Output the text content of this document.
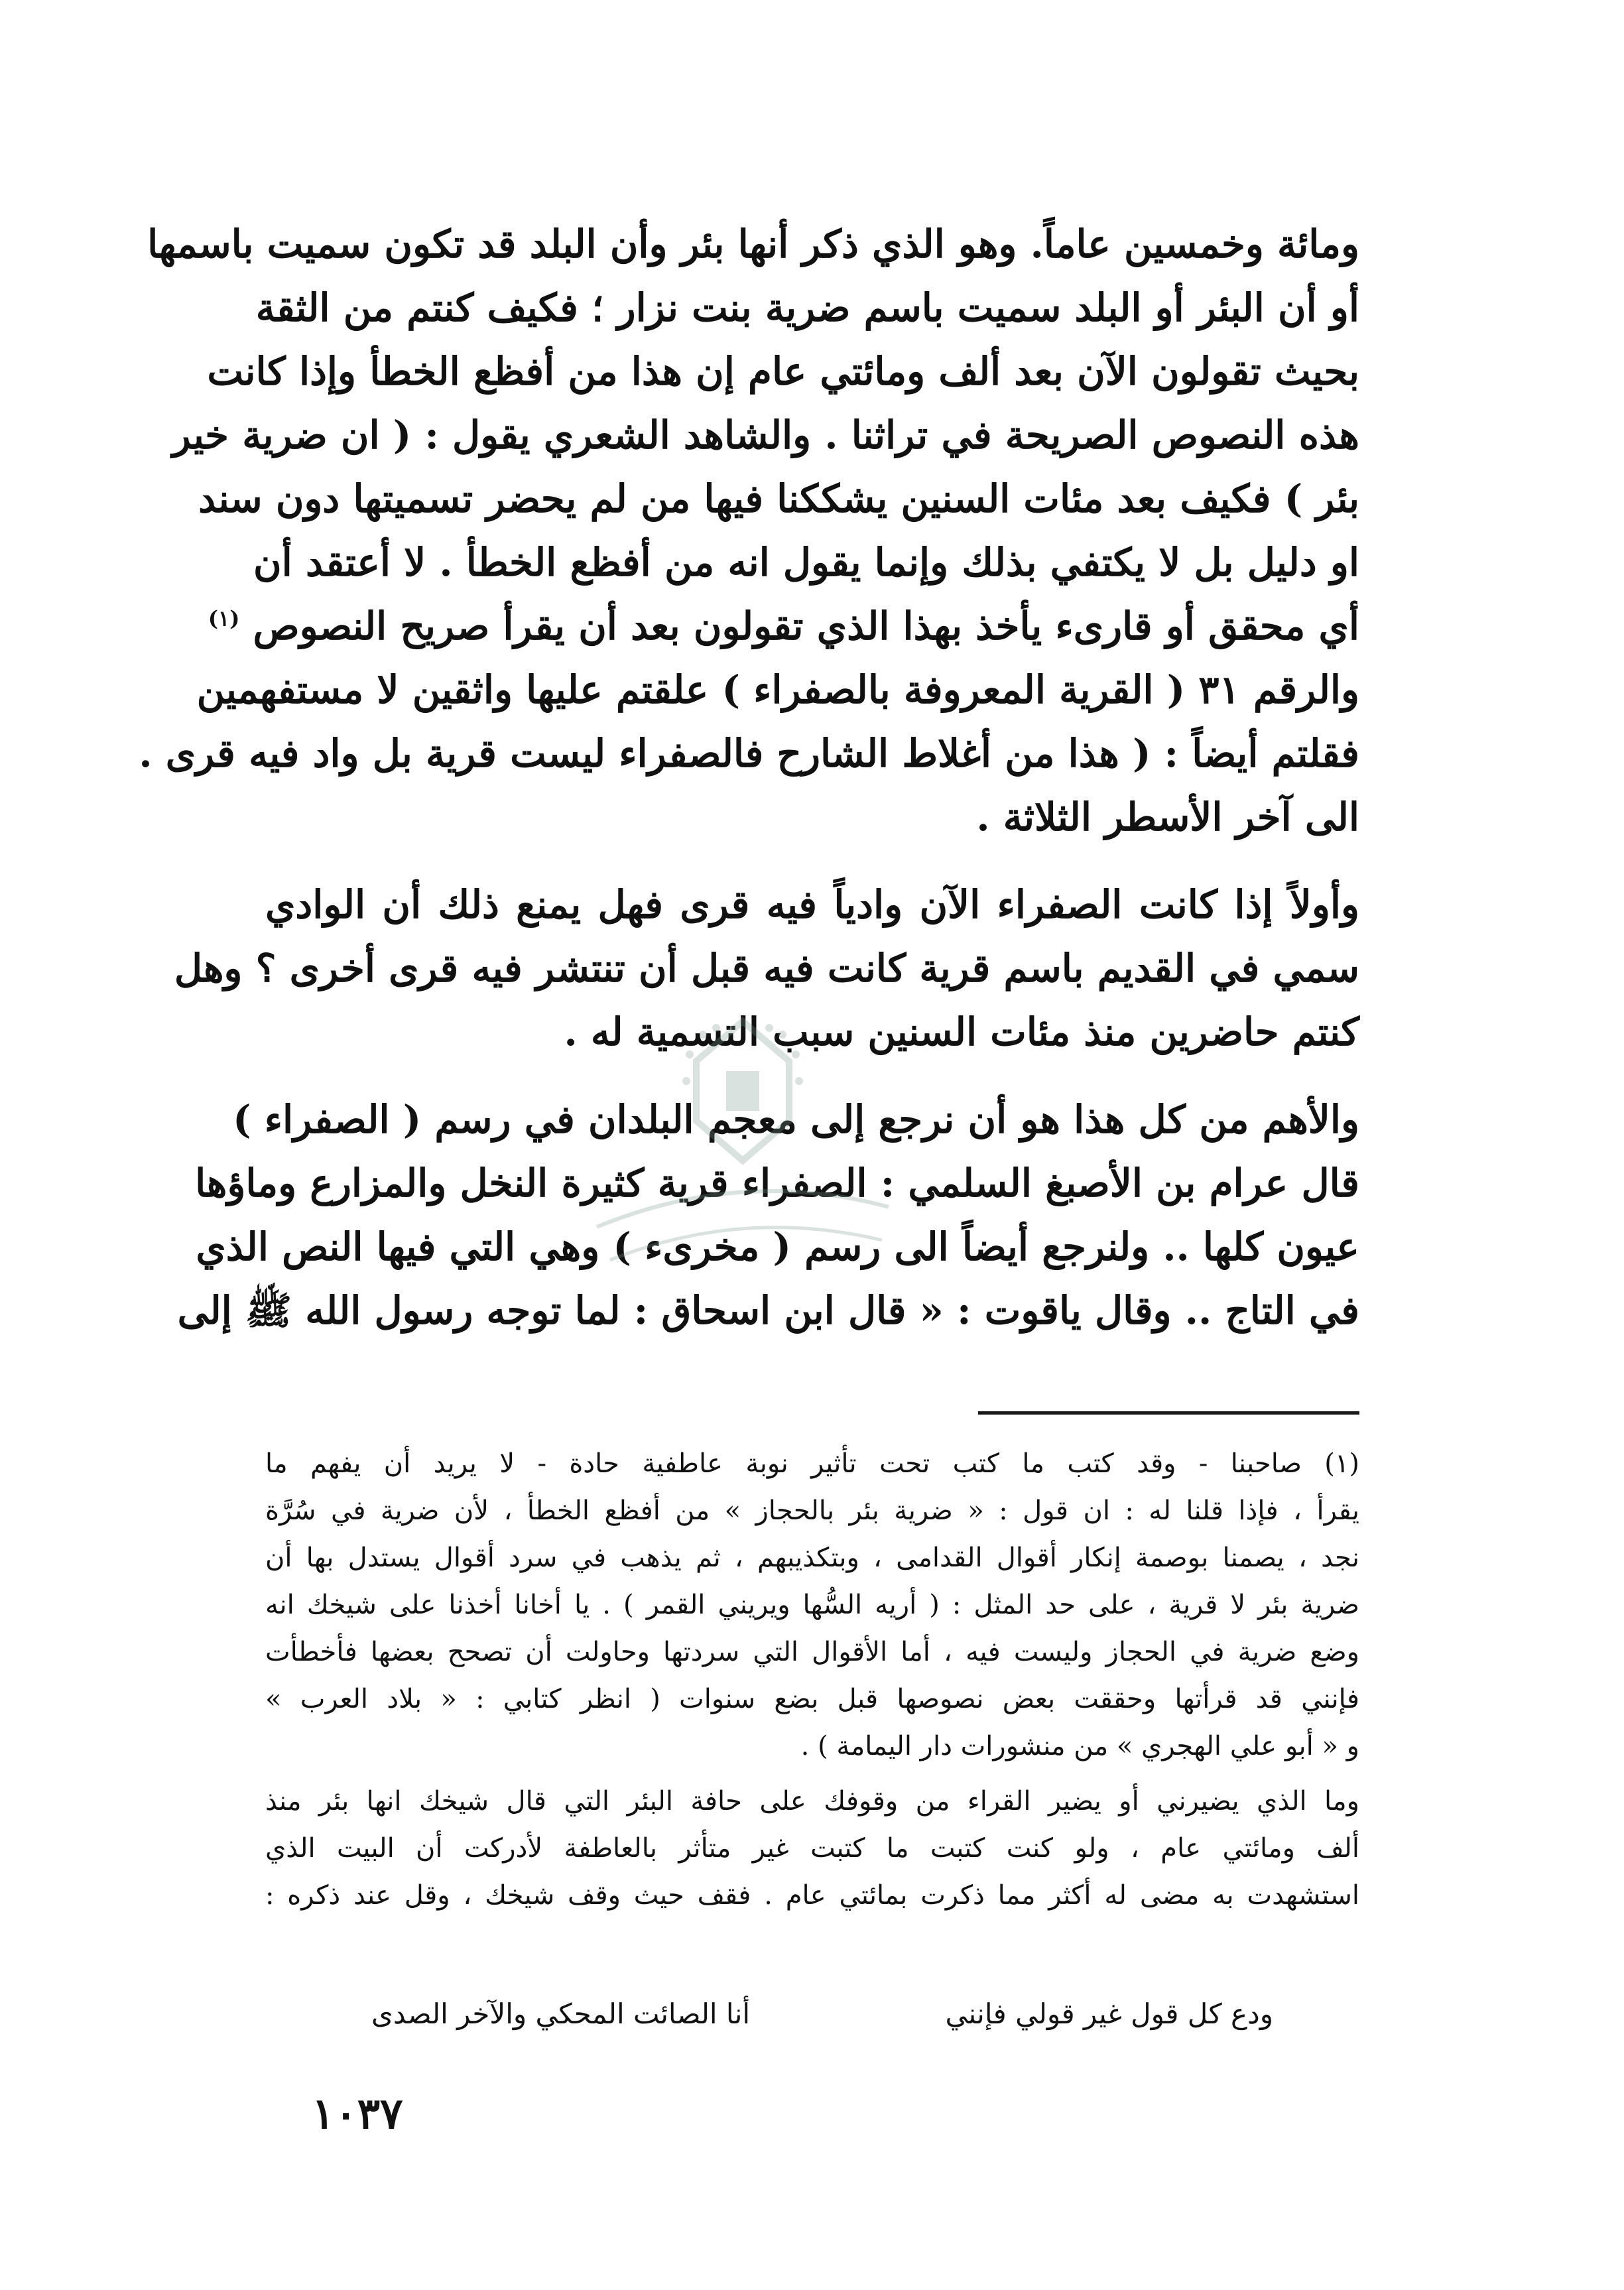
ومائة وخمسين عاماً. وهو الذي ذكر أنها بئر وأن البلد قد تكون سميت باسمها
أو أن البئر أو البلد سميت باسم ضرية بنت نزار ؛ فكيف كنتم من الثقة
بحيث تقولون الآن بعد ألف ومائتي عام إن هذا من أفظع الخطأ وإذا كانت
هذه النصوص الصريحة في تراثنا . والشاهد الشعري يقول : ( ان ضرية خير
بئر ) فكيف بعد مئات السنين يشككنا فيها من لم يحضر تسميتها دون سند
او دليل بل لا يكتفي بذلك وإنما يقول انه من أفظع الخطأ . لا أعتقد أن
أي محقق أو قارىء يأخذ بهذا الذي تقولون بعد أن يقرأ صريح النصوص $^{(١)}$
والرقم ٣١ ( القرية المعروفة بالصفراء ) علقتم عليها واثقين لا مستفهمين
فقلتم أيضاً : ( هذا من أغلاط الشارح فالصفراء ليست قرية بل واد فيه قرى .
الى آخر الأسطر الثلاثة .
وأولاً إذا كانت الصفراء الآن وادياً فيه قرى فهل يمنع ذلك أن الوادي
سمي في القديم باسم قرية كانت فيه قبل أن تنتشر فيه قرى أخرى ؟ وهل
كنتم حاضرين منذ مئات السنين سبب التسمية له .
والأهم من كل هذا هو أن نرجع إلى معجم البلدان في رسم ( الصفراء )
قال عرام بن الأصبغ السلمي : الصفراء قرية كثيرة النخل والمزارع وماؤها
عيون كلها .. ولنرجع أيضاً الى رسم ( مخرىء ) وهي التي فيها النص الذي
في التاج .. وقال ياقوت : « قال ابن اسحاق : لما توجه رسول الله ﷺ إلى
(١) صاحبنا - وقد كتب ما كتب تحت تأثير نوبة عاطفية حادة - لا يريد أن يفهم ما
يقرأ ، فإذا قلنا له : ان قول : « ضرية بئر بالحجاز » من أفظع الخطأ ، لأن ضرية في سُرَّة
نجد ، يصمنا بوصمة إنكار أقوال القدامى ، وبتكذيبهم ، ثم يذهب في سرد أقوال يستدل بها أن
ضرية بئر لا قرية ، على حد المثل : ( أريه السُّها ويريني القمر ) . يا أخانا أخذنا على شيخك انه
وضع ضرية في الحجاز وليست فيه ، أما الأقوال التي سردتها وحاولت أن تصحح بعضها فأخطأت
فإنني قد قرأتها وحققت بعض نصوصها قبل بضع سنوات ( انظر كتابي : « بلاد العرب »
و « أبو علي الهجري » من منشورات دار اليمامة ) .
وما الذي يضيرني أو يضير القراء من وقوفك على حافة البئر التي قال شيخك انها بئر منذ
ألف ومائتي عام ، ولو كنت كتبت ما كتبت غير متأثر بالعاطفة لأدركت أن البيت الذي
استشهدت به مضى له أكثر مما ذكرت بمائتي عام . فقف حيث وقف شيخك ، وقل عند ذكره :
ودع كل قول غير قولي فإنني
أنا الصائت المحكي والآخر الصدى
١٠٣٧
